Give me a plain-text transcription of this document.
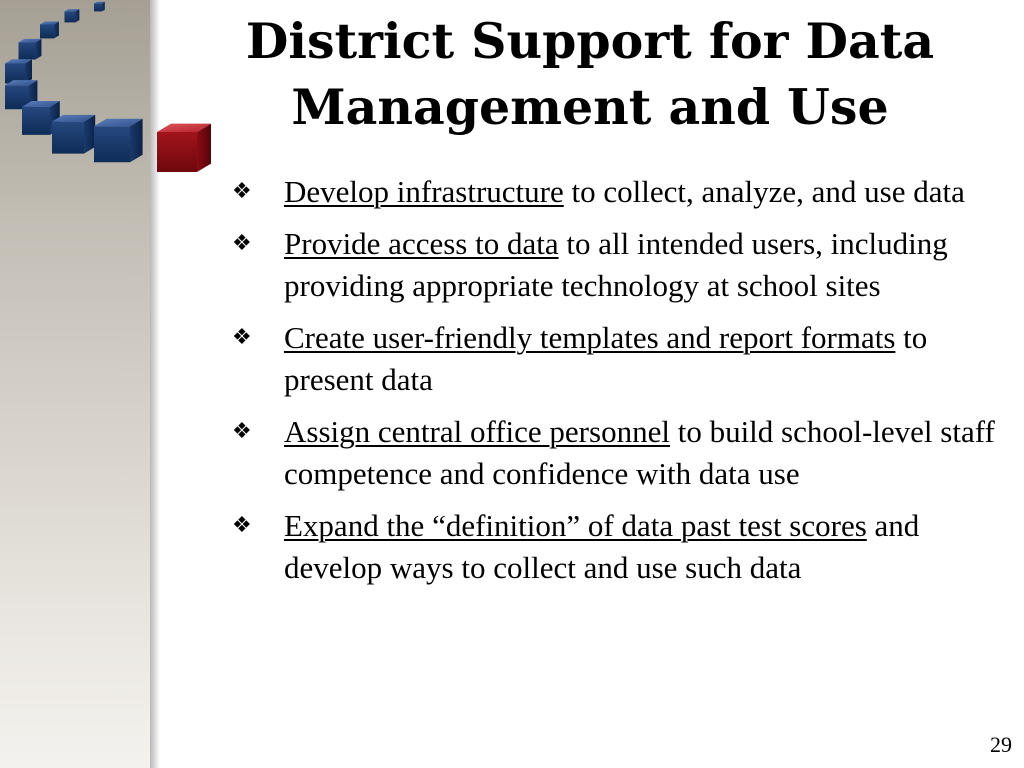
District Support for Data Management and Use
❖ Develop infrastructure to collect, analyze, and use data
❖ Provide access to data to all intended users, including providing appropriate technology at school sites
❖ Create user-friendly templates and report formats to present data
❖ Assign central office personnel to build school-level staff competence and confidence with data use
❖ Expand the “definition” of data past test scores and develop ways to collect and use such data
29
